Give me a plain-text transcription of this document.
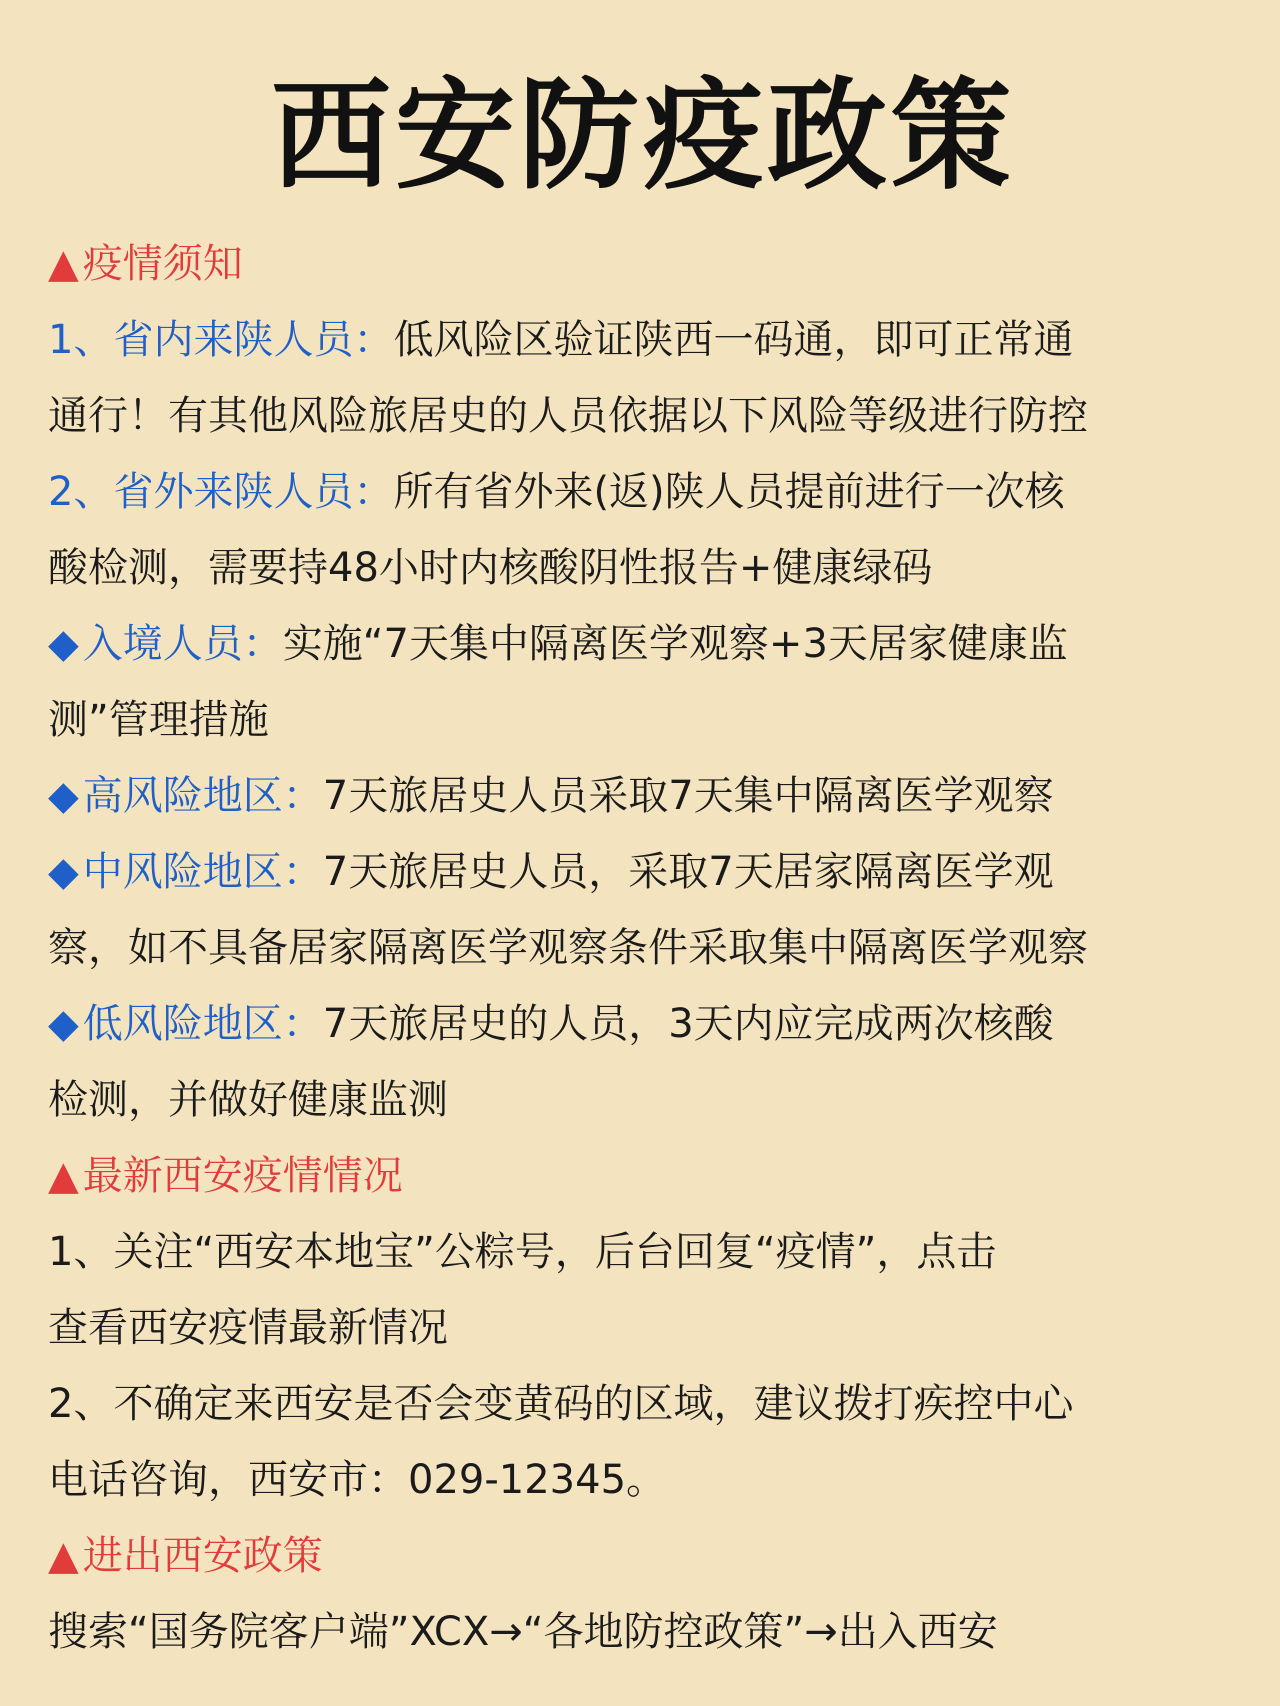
西安防疫政策
▲ 疫情须知
1、省内来陕人员：低风险区验证陕西一码通，即可正常通
通行！有其他风险旅居史的人员依据以下风险等级进行防控
2、省外来陕人员：所有省外来(返)陕人员提前进行一次核
酸检测，需要持48小时内核酸阴性报告+健康绿码
◆ 入境人员：实施“7天集中隔离医学观察+3天居家健康监
测”管理措施
◆ 高风险地区：7天旅居史人员采取7天集中隔离医学观察
◆ 中风险地区：7天旅居史人员，采取7天居家隔离医学观
察，如不具备居家隔离医学观察条件采取集中隔离医学观察
◆ 低风险地区：7天旅居史的人员，3天内应完成两次核酸
检测，并做好健康监测
▲ 最新西安疫情情况
1、关注“西安本地宝”公粽号，后台回复“疫情”，点击
查看西安疫情最新情况
2、不确定来西安是否会变黄码的区域，建议拨打疾控中心
电话咨询，西安市：029-12345。
▲ 进出西安政策
搜索“国务院客户端”XCX→“各地防控政策”→出入西安
